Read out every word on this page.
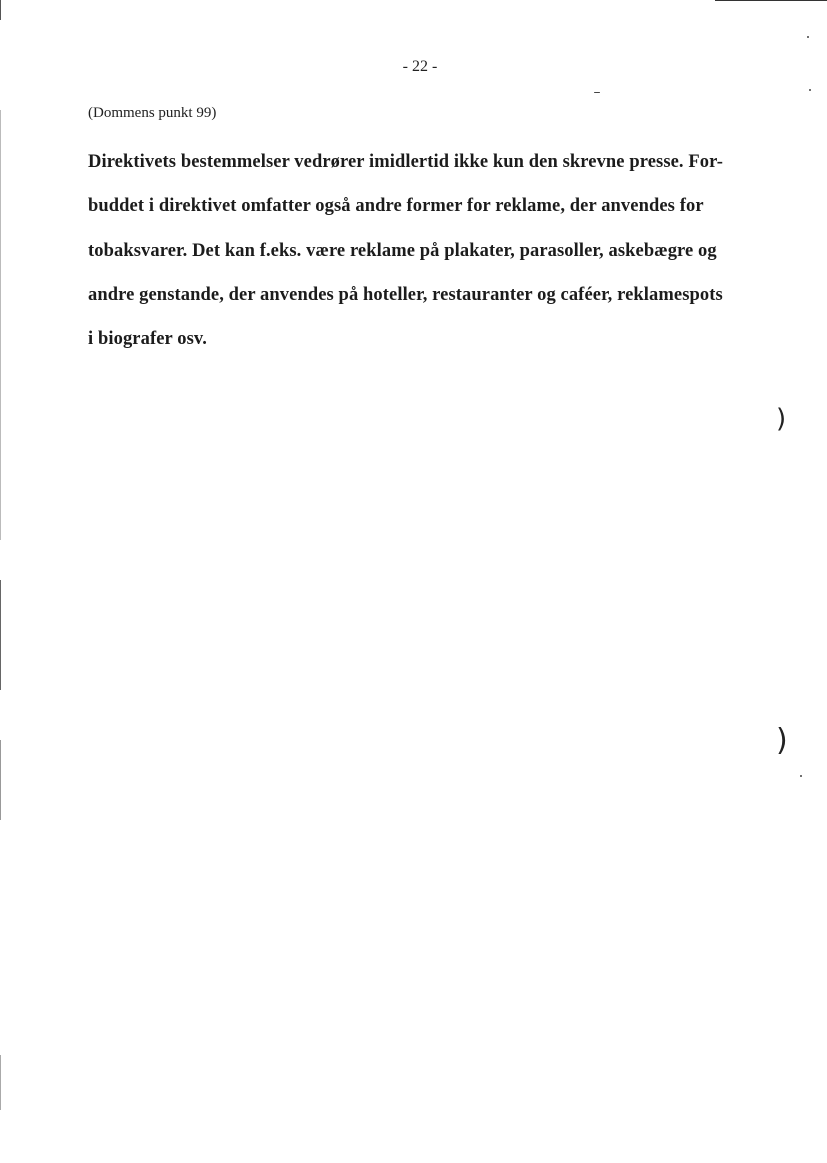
)
)
- 22 -
(Dommens punkt 99)

Direktivets bestemmelser vedrører imidlertid ikke kun den skrevne presse. For-
buddet i direktivet omfatter også andre former for reklame, der anvendes for
tobaksvarer. Det kan f.eks. være reklame på plakater, parasoller, askebægre og
andre genstande, der anvendes på hoteller, restauranter og caféer, reklamespots
i biografer osv.
